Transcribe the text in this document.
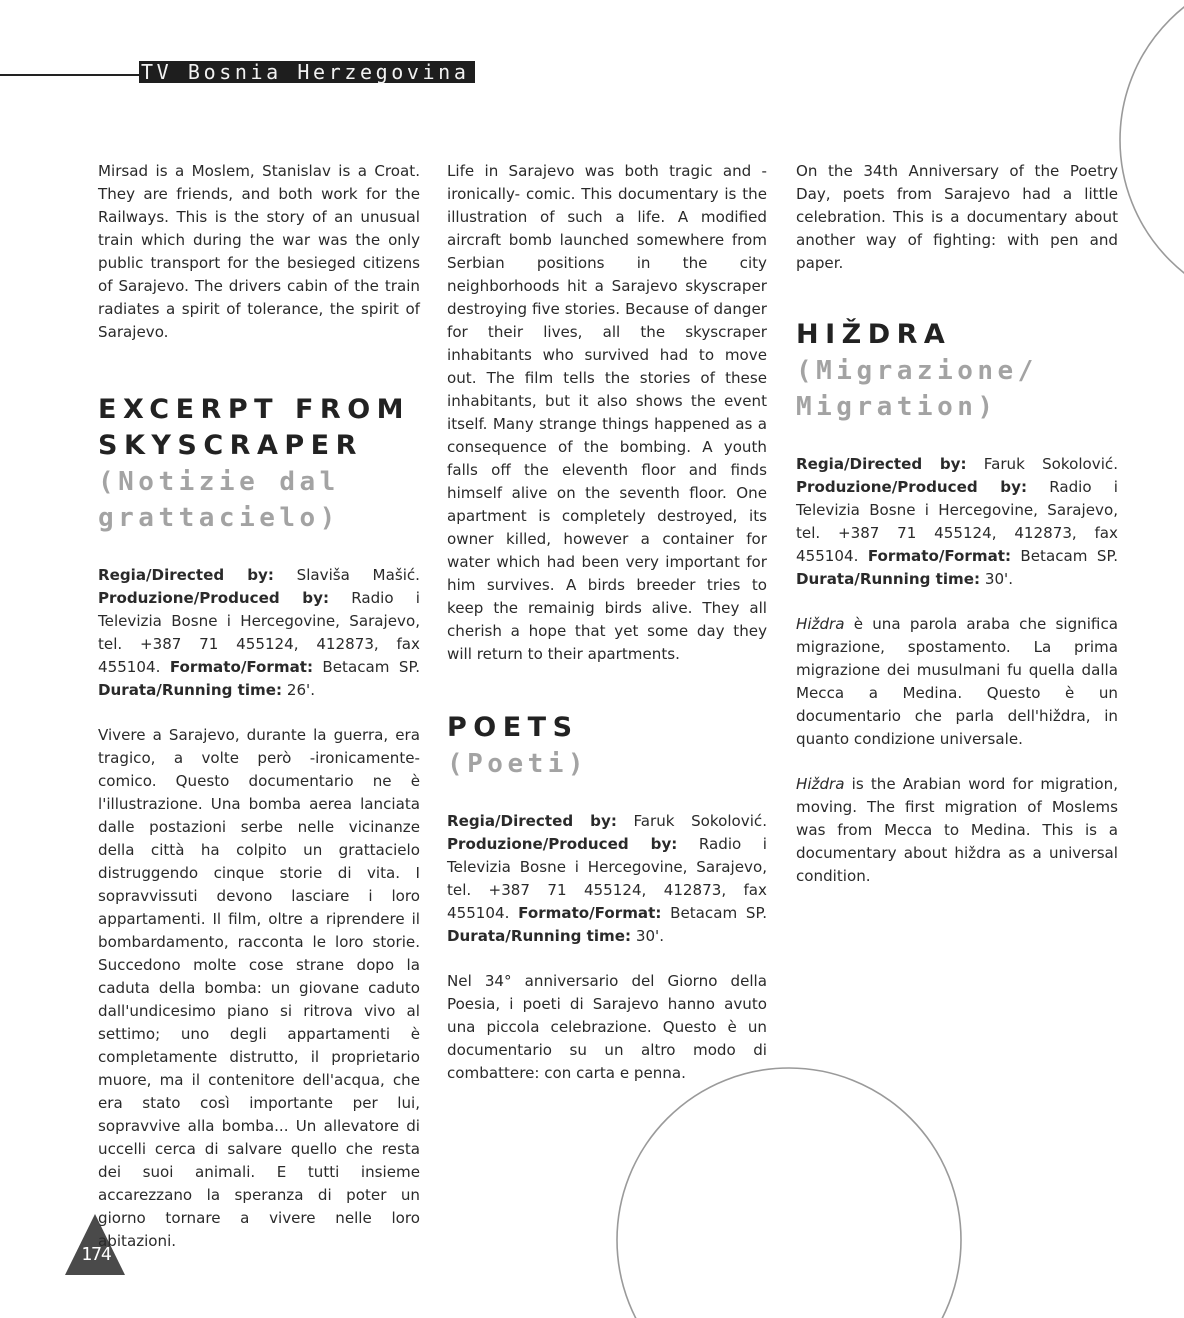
TV Bosnia Herzegovina

Mirsad is a Moslem, Stanislav is a Croat. They are friends, and both work for the Railways. This is the story of an unusual train which during the war was the only public transport for the besieged citizens of Sarajevo. The drivers cabin of the train radiates a spirit of tolerance, the spirit of Sarajevo.

EXCERPT FROM SKYSCRAPER
(Notizie dal grattacielo)

Regia/Directed by: Slaviša Mašić. Produzione/Produced by: Radio i Televizia Bosne i Hercegovine, Sarajevo, tel. +387 71 455124, 412873, fax 455104. Formato/Format: Betacam SP. Durata/Running time: 26'.

Vivere a Sarajevo, durante la guerra, era tragico, a volte però -ironicamente- comico. Questo documentario ne è l'illustrazione. Una bomba aerea lanciata dalle postazioni serbe nelle vicinanze della città ha colpito un grattacielo distruggendo cinque storie di vita. I sopravvissuti devono lasciare i loro appartamenti. Il film, oltre a riprendere il bombardamento, racconta le loro storie. Succedono molte cose strane dopo la caduta della bomba: un giovane caduto dall'undicesimo piano si ritrova vivo al settimo; uno degli appartamenti è completamente distrutto, il proprietario muore, ma il contenitore dell'acqua, che era stato così importante per lui, sopravvive alla bomba... Un allevatore di uccelli cerca di salvare quello che resta dei suoi animali. E tutti insieme accarezzano la speranza di poter un giorno tornare a vivere nelle loro abitazioni.

Life in Sarajevo was both tragic and -ironically- comic. This documentary is the illustration of such a life. A modified aircraft bomb launched somewhere from Serbian positions in the city neighborhoods hit a Sarajevo skyscraper destroying five stories. Because of danger for their lives, all the skyscraper inhabitants who survived had to move out. The film tells the stories of these inhabitants, but it also shows the event itself. Many strange things happened as a consequence of the bombing. A youth falls off the eleventh floor and finds himself alive on the seventh floor. One apartment is completely destroyed, its owner killed, however a container for water which had been very important for him survives. A birds breeder tries to keep the remainig birds alive. They all cherish a hope that yet some day they will return to their apartments.

POETS
(Poeti)

Regia/Directed by: Faruk Sokolović. Produzione/Produced by: Radio i Televizia Bosne i Hercegovine, Sarajevo, tel. +387 71 455124, 412873, fax 455104. Formato/Format: Betacam SP. Durata/Running time: 30'.

Nel 34° anniversario del Giorno della Poesia, i poeti di Sarajevo hanno avuto una piccola celebrazione. Questo è un documentario su un altro modo di combattere: con carta e penna.

On the 34th Anniversary of the Poetry Day, poets from Sarajevo had a little celebration. This is a documentary about another way of fighting: with pen and paper.

HIŽDRA
(Migrazione/ Migration)

Regia/Directed by: Faruk Sokolović. Produzione/Produced by: Radio i Televizia Bosne i Hercegovine, Sarajevo, tel. +387 71 455124, 412873, fax 455104. Formato/Format: Betacam SP. Durata/Running time: 30'.

Hiždra è una parola araba che significa migrazione, spostamento. La prima migrazione dei musulmani fu quella dalla Mecca a Medina. Questo è un documentario che parla dell'hiždra, in quanto condizione universale.

Hiždra is the Arabian word for migration, moving. The first migration of Moslems was from Mecca to Medina. This is a documentary about hiždra as a universal condition.

174
